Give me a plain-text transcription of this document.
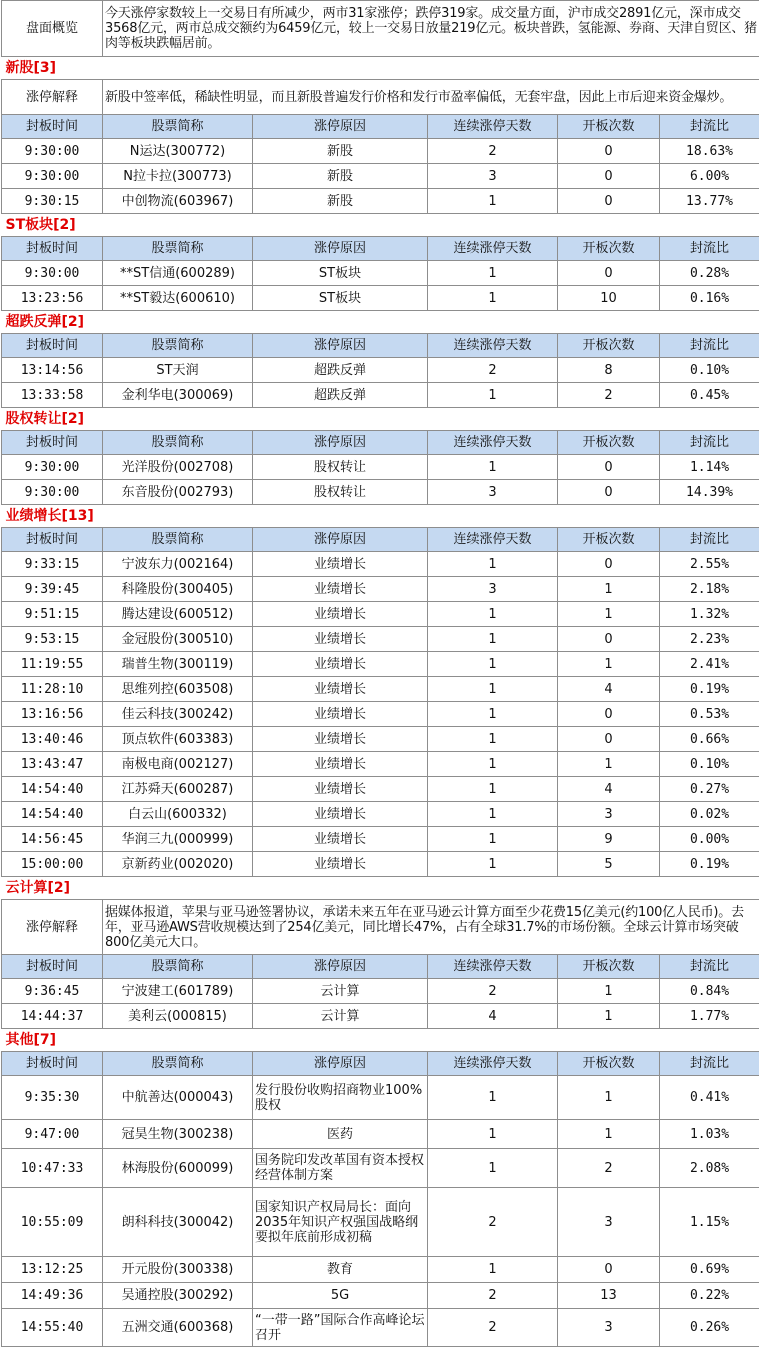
盘面概览	今天涨停家数较上一交易日有所减少，两市31家涨停；跌停319家。成交量方面，沪市成交2891亿元，深市成交3568亿元，两市总成交额约为6459亿元，较上一交易日放量219亿元。板块普跌，氢能源、券商、天津自贸区、猪肉等板块跌幅居前。				
新股[3]					
涨停解释	新股中签率低，稀缺性明显，而且新股普遍发行价格和发行市盈率偏低，无套牢盘，因此上市后迎来资金爆炒。				
封板时间	股票简称	涨停原因	连续涨停天数	开板次数	封流比
9:30:00	N运达(300772)	新股	2	0	18.63%
9:30:00	N拉卡拉(300773)	新股	3	0	6.00%
9:30:15	中创物流(603967)	新股	1	0	13.77%
ST板块[2]					
封板时间	股票简称	涨停原因	连续涨停天数	开板次数	封流比
9:30:00	**ST信通(600289)	ST板块	1	0	0.28%
13:23:56	**ST毅达(600610)	ST板块	1	10	0.16%
超跌反弹[2]					
封板时间	股票简称	涨停原因	连续涨停天数	开板次数	封流比
13:14:56	ST天润	超跌反弹	2	8	0.10%
13:33:58	金利华电(300069)	超跌反弹	1	2	0.45%
股权转让[2]					
封板时间	股票简称	涨停原因	连续涨停天数	开板次数	封流比
9:30:00	光洋股份(002708)	股权转让	1	0	1.14%
9:30:00	东音股份(002793)	股权转让	3	0	14.39%
业绩增长[13]					
封板时间	股票简称	涨停原因	连续涨停天数	开板次数	封流比
9:33:15	宁波东力(002164)	业绩增长	1	0	2.55%
9:39:45	科隆股份(300405)	业绩增长	3	1	2.18%
9:51:15	腾达建设(600512)	业绩增长	1	1	1.32%
9:53:15	金冠股份(300510)	业绩增长	1	0	2.23%
11:19:55	瑞普生物(300119)	业绩增长	1	1	2.41%
11:28:10	思维列控(603508)	业绩增长	1	4	0.19%
13:16:56	佳云科技(300242)	业绩增长	1	0	0.53%
13:40:46	顶点软件(603383)	业绩增长	1	0	0.66%
13:43:47	南极电商(002127)	业绩增长	1	1	0.10%
14:54:40	江苏舜天(600287)	业绩增长	1	4	0.27%
14:54:40	白云山(600332)	业绩增长	1	3	0.02%
14:56:45	华润三九(000999)	业绩增长	1	9	0.00%
15:00:00	京新药业(002020)	业绩增长	1	5	0.19%
云计算[2]					
涨停解释	据媒体报道，苹果与亚马逊签署协议，承诺未来五年在亚马逊云计算方面至少花费15亿美元(约100亿人民币)。去年，亚马逊AWS营收规模达到了254亿美元，同比增长47%，占有全球31.7%的市场份额。全球云计算市场突破800亿美元大口。				
封板时间	股票简称	涨停原因	连续涨停天数	开板次数	封流比
9:36:45	宁波建工(601789)	云计算	2	1	0.84%
14:44:37	美利云(000815)	云计算	4	1	1.77%
其他[7]					
封板时间	股票简称	涨停原因	连续涨停天数	开板次数	封流比
9:35:30	中航善达(000043)	发行股份收购招商物业100%股权	1	1	0.41%
9:47:00	冠昊生物(300238)	医药	1	1	1.03%
10:47:33	林海股份(600099)	国务院印发改革国有资本授权经营体制方案	1	2	2.08%
10:55:09	朗科科技(300042)	国家知识产权局局长：面向2035年知识产权强国战略纲要拟年底前形成初稿	2	3	1.15%
13:12:25	开元股份(300338)	教育	1	0	0.69%
14:49:36	吴通控股(300292)	5G	2	13	0.22%
14:55:40	五洲交通(600368)	“一带一路”国际合作高峰论坛召开	2	3	0.26%
